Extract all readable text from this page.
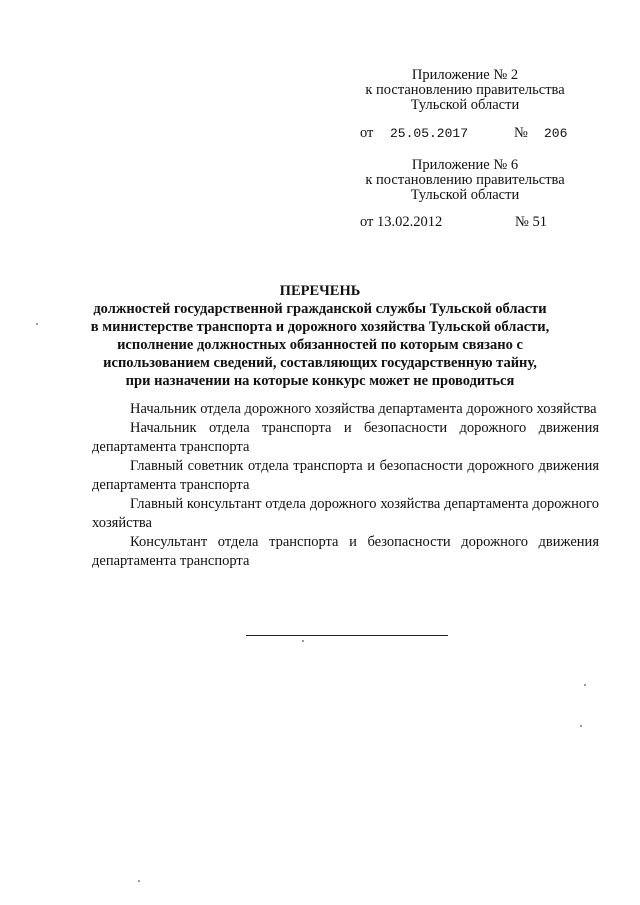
Приложение № 2
к постановлению правительства
Тульской области
от 25.05.2017	№ 206
Приложение № 6
к постановлению правительства
Тульской области
от 13.02.2012	№ 51
ПЕРЕЧЕНЬ
должностей государственной гражданской службы Тульской области в министерстве транспорта и дорожного хозяйства Тульской области, исполнение должностных обязанностей по которым связано с использованием сведений, составляющих государственную тайну, при назначении на которые конкурс может не проводиться

Начальник отдела дорожного хозяйства департамента дорожного хозяйства

Начальник отдела транспорта и безопасности дорожного движения департамента транспорта

Главный советник отдела транспорта и безопасности дорожного движения департамента транспорта

Главный консультант отдела дорожного хозяйства департамента дорожного хозяйства

Консультант отдела транспорта и безопасности дорожного движения департамента транспорта
